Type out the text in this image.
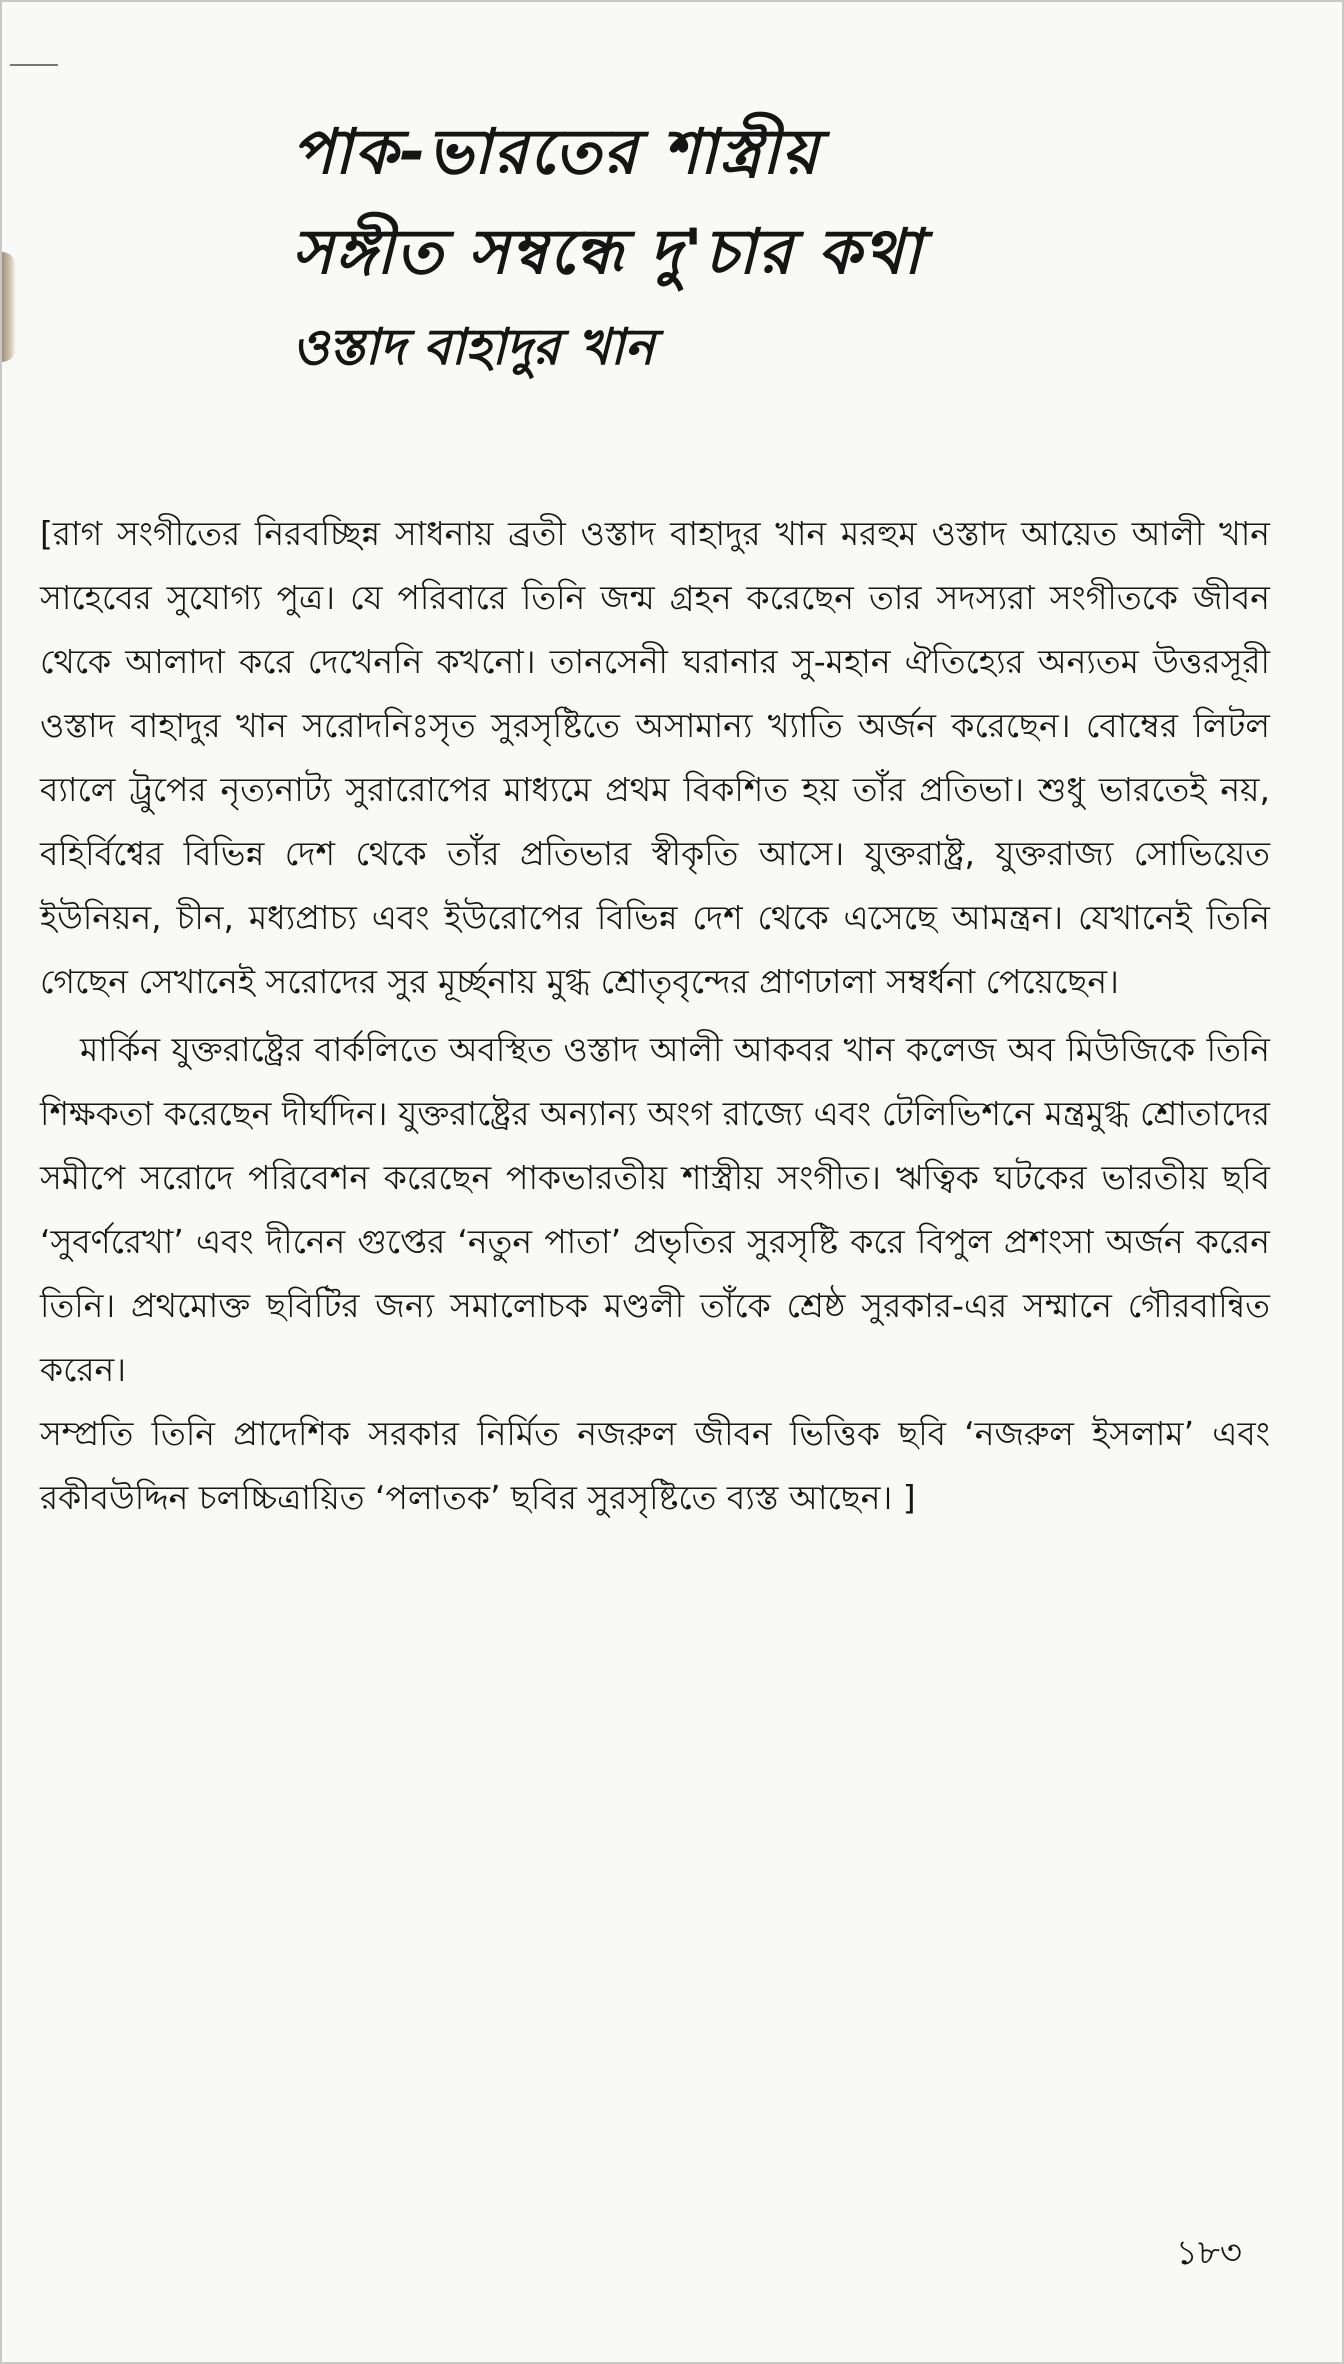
পাক-ভারতের শাস্ত্রীয়
সঙ্গীত সম্বন্ধে দু'চার কথা
ওস্তাদ বাহাদুর খান

[রাগ সংগীতের নিরবচ্ছিন্ন সাধনায় ব্রতী ওস্তাদ বাহাদুর খান মরহুম ওস্তাদ আয়েত আলী খান সাহেবের সুযোগ্য পুত্র। যে পরিবারে তিনি জন্ম গ্রহন করেছেন তার সদস্যরা সংগীতকে জীবন থেকে আলাদা করে দেখেননি কখনো। তানসেনী ঘরানার সু-মহান ঐতিহ্যের অন্যতম উত্তরসূরী ওস্তাদ বাহাদুর খান সরোদনিঃসৃত সুরসৃষ্টিতে অসামান্য খ্যাতি অর্জন করেছেন। বোম্বের লিটল ব্যালে ট্রুপের নৃত্যনাট্য সুরারোপের মাধ্যমে প্রথম বিকশিত হয় তাঁর প্রতিভা। শুধু ভারতেই নয়, বহির্বিশ্বের বিভিন্ন দেশ থেকে তাঁর প্রতিভার স্বীকৃতি আসে। যুক্তরাষ্ট্র, যুক্তরাজ্য সোভিয়েত ইউনিয়ন, চীন, মধ্যপ্রাচ্য এবং ইউরোপের বিভিন্ন দেশ থেকে এসেছে আমন্ত্রন। যেখানেই তিনি গেছেন সেখানেই সরোদের সুর মূর্চ্ছনায় মুগ্ধ শ্রোতৃবৃন্দের প্রাণঢালা সম্বর্ধনা পেয়েছেন।

মার্কিন যুক্তরাষ্ট্রের বার্কলিতে অবস্থিত ওস্তাদ আলী আকবর খান কলেজ অব মিউজিকে তিনি শিক্ষকতা করেছেন দীর্ঘদিন। যুক্তরাষ্ট্রের অন্যান্য অংগ রাজ্যে এবং টেলিভিশনে মন্ত্রমুগ্ধ শ্রোতাদের সমীপে সরোদে পরিবেশন করেছেন পাকভারতীয় শাস্ত্রীয় সংগীত। ঋত্বিক ঘটকের ভারতীয় ছবি ‘সুবর্ণরেখা’ এবং দীনেন গুপ্তের ‘নতুন পাতা’ প্রভৃতির সুরসৃষ্টি করে বিপুল প্রশংসা অর্জন করেন তিনি। প্রথমোক্ত ছবিটির জন্য সমালোচক মণ্ডলী তাঁকে শ্রেষ্ঠ সুরকার-এর সম্মানে গৌরবান্বিত করেন।

সম্প্রতি তিনি প্রাদেশিক সরকার নির্মিত নজরুল জীবন ভিত্তিক ছবি ‘নজরুল ইসলাম’ এবং রকীবউদ্দিন চলচ্চিত্রায়িত ‘পলাতক’ ছবির সুরসৃষ্টিতে ব্যস্ত আছেন। ]

১৮৩
